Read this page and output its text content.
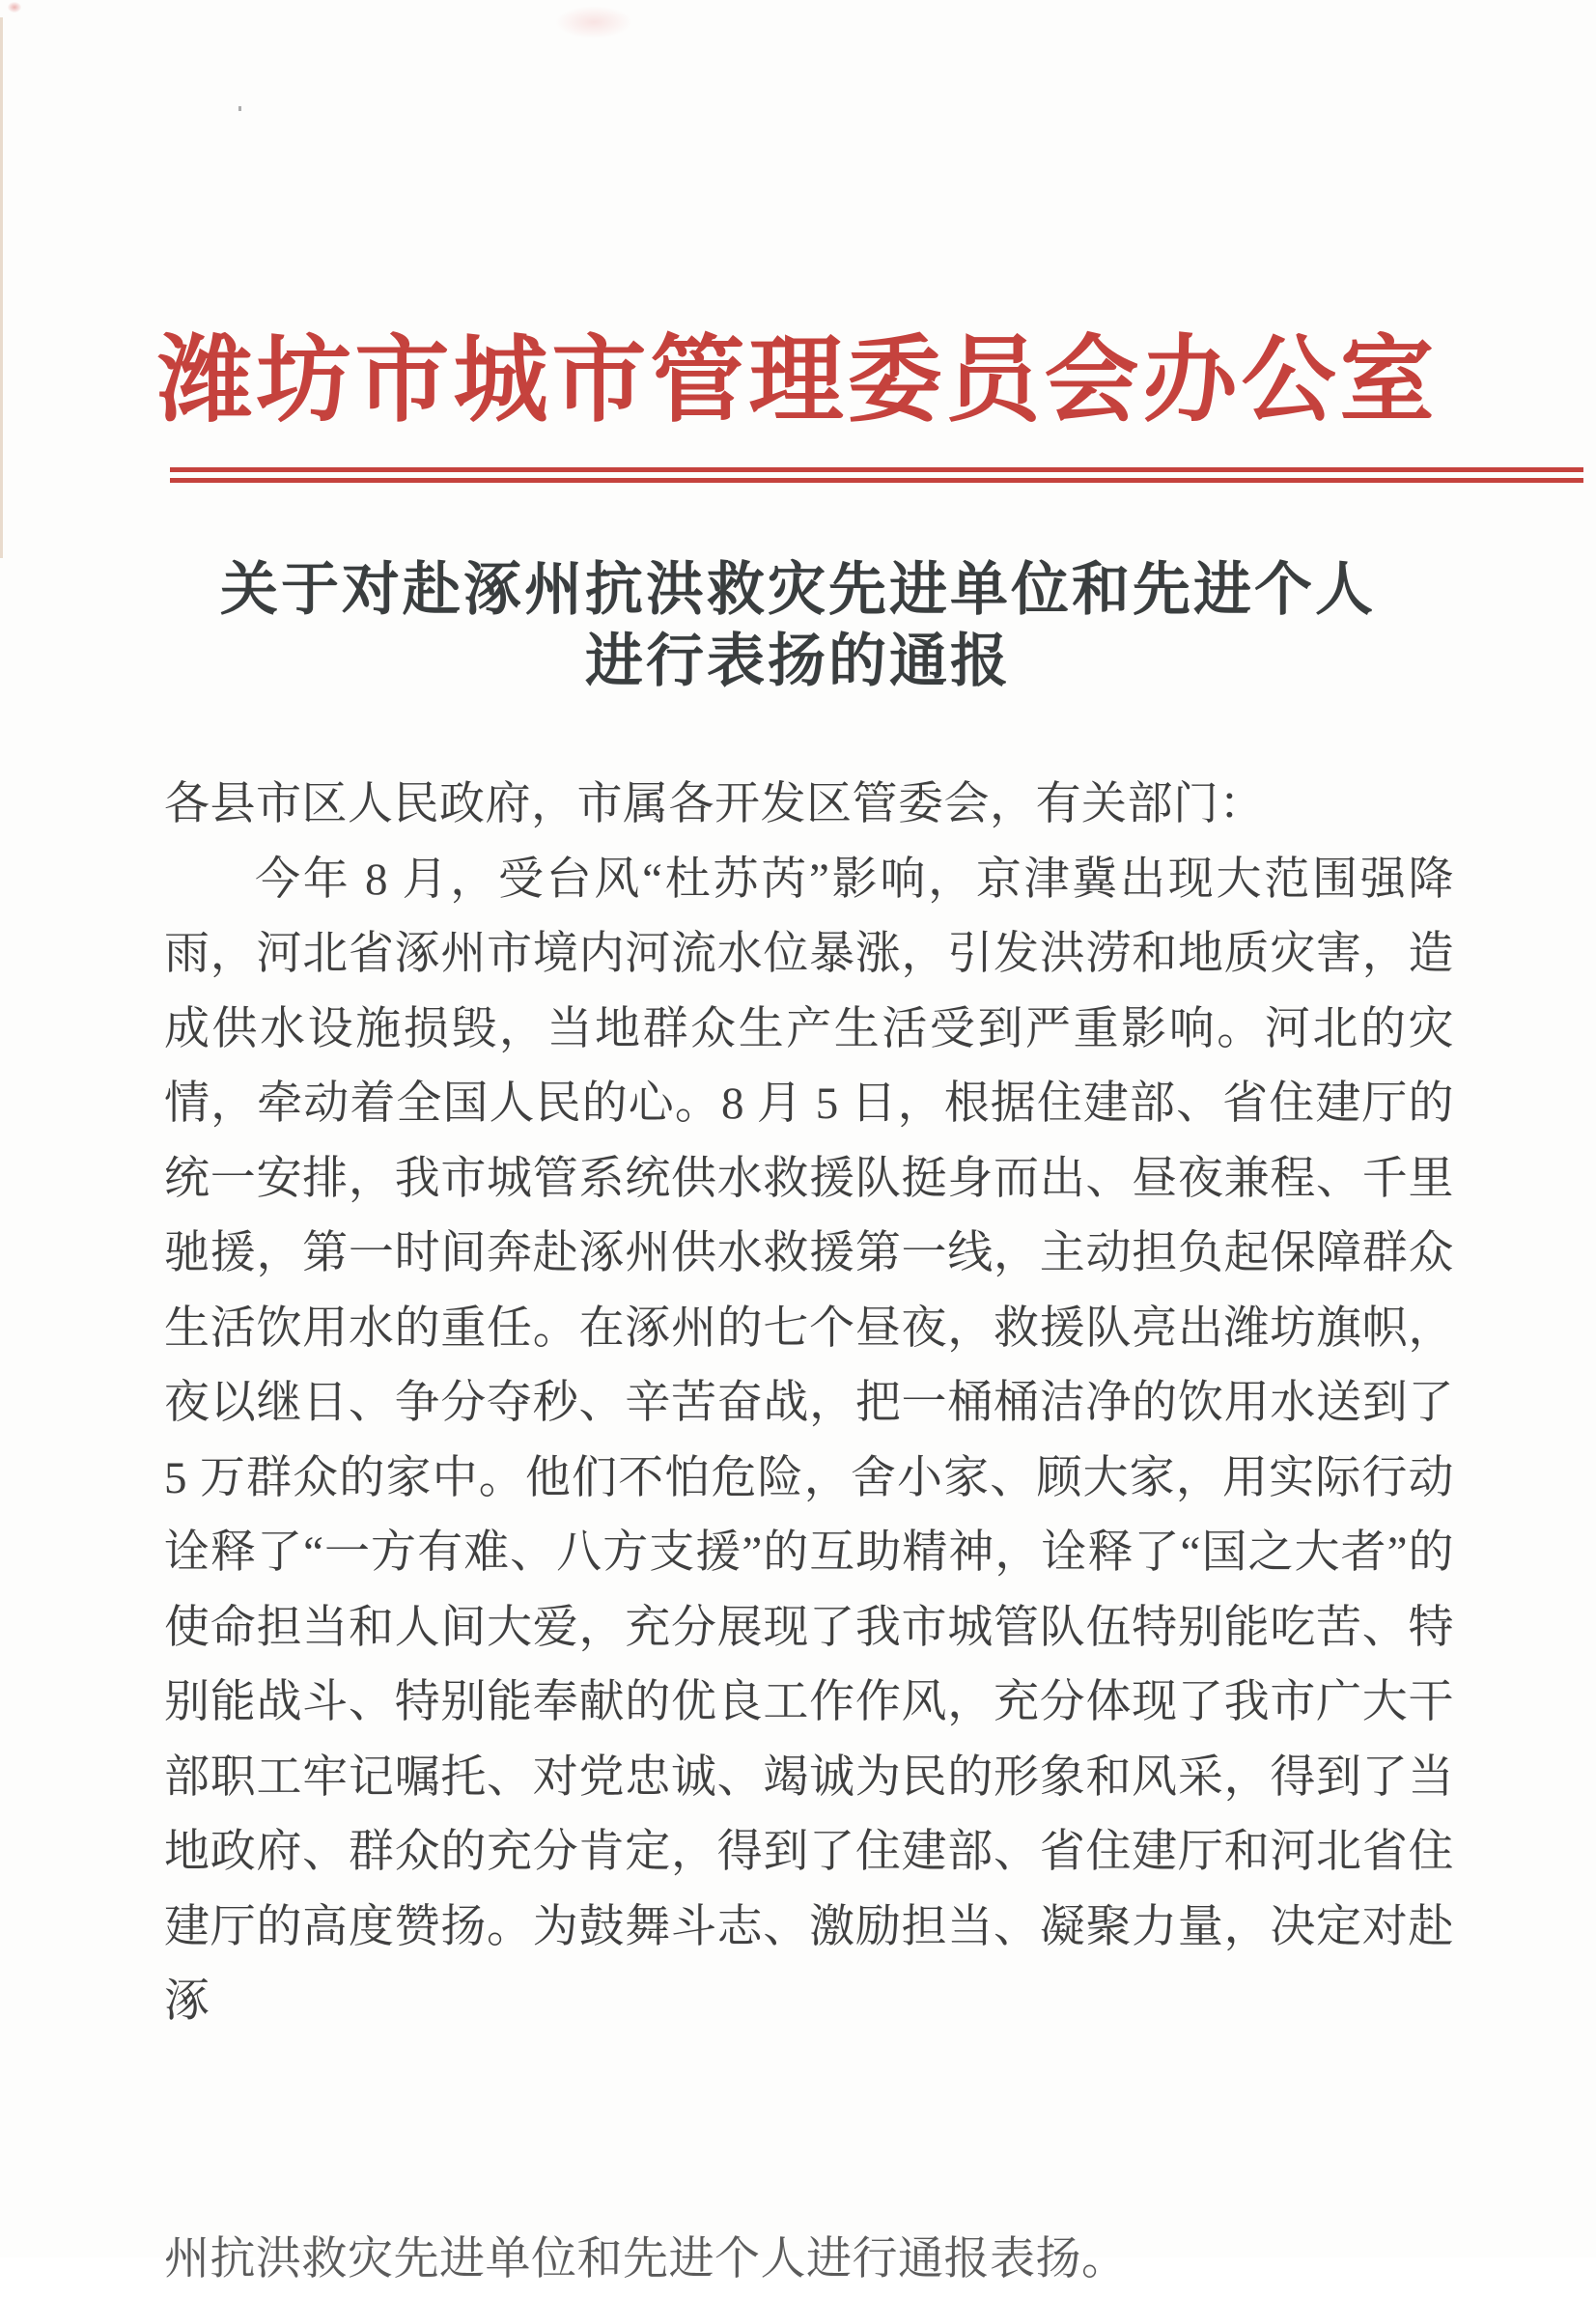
潍坊市城市管理委员会办公室
关于对赴涿州抗洪救灾先进单位和先进个人
进行表扬的通报

各县市区人民政府，市属各开发区管委会，有关部门：

今年 8 月，受台风“杜苏芮”影响，京津冀出现大范围强降雨，河北省涿州市境内河流水位暴涨，引发洪涝和地质灾害，造成供水设施损毁，当地群众生产生活受到严重影响。河北的灾情，牵动着全国人民的心。8 月 5 日，根据住建部、省住建厅的统一安排，我市城管系统供水救援队挺身而出、昼夜兼程、千里驰援，第一时间奔赴涿州供水救援第一线，主动担负起保障群众生活饮用水的重任。在涿州的七个昼夜，救援队亮出潍坊旗帜，夜以继日、争分夺秒、辛苦奋战，把一桶桶洁净的饮用水送到了 5 万群众的家中。他们不怕危险，舍小家、顾大家，用实际行动诠释了“一方有难、八方支援”的互助精神，诠释了“国之大者”的使命担当和人间大爱，充分展现了我市城管队伍特别能吃苦、特别能战斗、特别能奉献的优良工作作风，充分体现了我市广大干部职工牢记嘱托、对党忠诚、竭诚为民的形象和风采，得到了当地政府、群众的充分肯定，得到了住建部、省住建厅和河北省住建厅的高度赞扬。为鼓舞斗志、激励担当、凝聚力量，决定对赴涿

州抗洪救灾先进单位和先进个人进行通报表扬。
